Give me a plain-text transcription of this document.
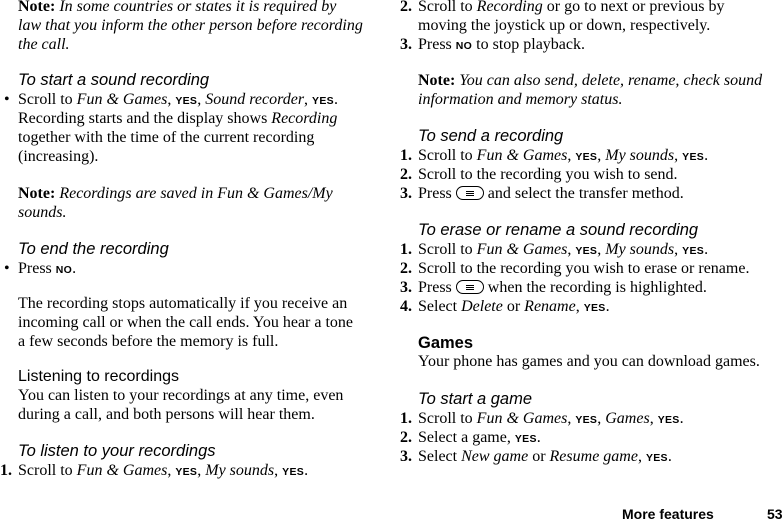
Note: In some countries or states it is required by
law that you inform the other person before recording
the call.
To start a sound recording
• Scroll to Fun & Games, YES, Sound recorder, YES.
Recording starts and the display shows Recording
together with the time of the current recording
(increasing).
Note: Recordings are saved in Fun & Games/My
sounds.
To end the recording
• Press NO.
The recording stops automatically if you receive an
incoming call or when the call ends. You hear a tone
a few seconds before the memory is full.
Listening to recordings
You can listen to your recordings at any time, even
during a call, and both persons will hear them.
To listen to your recordings
1. Scroll to Fun & Games, YES, My sounds, YES.
2. Scroll to Recording or go to next or previous by
moving the joystick up or down, respectively.
3. Press NO to stop playback.
Note: You can also send, delete, rename, check sound
information and memory status.
To send a recording
1. Scroll to Fun & Games, YES, My sounds, YES.
2. Scroll to the recording you wish to send.
3. Press and select the transfer method.
To erase or rename a sound recording
1. Scroll to Fun & Games, YES, My sounds, YES.
2. Scroll to the recording you wish to erase or rename.
3. Press when the recording is highlighted.
4. Select Delete or Rename, YES.
Games
Your phone has games and you can download games.
To start a game
1. Scroll to Fun & Games, YES, Games, YES.
2. Select a game, YES.
3. Select New game or Resume game, YES.
More features	53
